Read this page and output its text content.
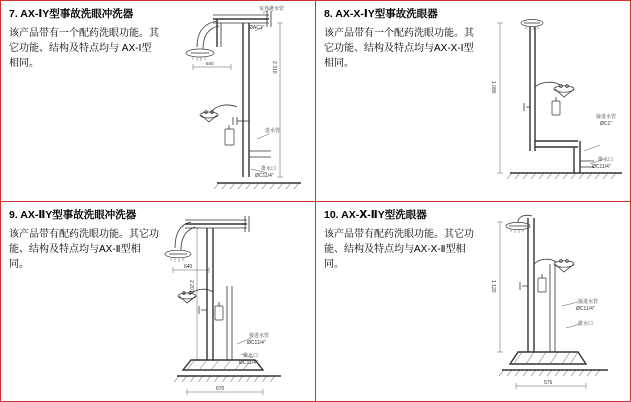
7. AX-ⅠY型事故洗眼冲洗器
该产品带有一个配药洗眼功能。其它功能、结构及特点均与 AX-Ⅰ型相同。	640
室外进水管
ØAC1"
2 310
进水管
排水口
ØC11/4"
8. AX-X-ⅠY型事故洗眼器
该产品带有一个配药洗眼功能。其它功能、结构及特点均与AX-X-Ⅰ型相同。
1 080
接进水管
ØC1"
排水口
ØC11/4"
9. AX-ⅡY型事故洗眼冲洗器
该产品带有配药洗眼功能。其它功能、结构及特点均与AX-Ⅱ型相同。	640
2 201
接进水管
ØC11/4"
排水口
ØC11/4"
670
10. AX-Ⅹ-ⅡY型洗眼器
该产品带有配药洗眼功能。其它功能、结构及特点均与AX-X-Ⅱ型相同。
1 120
接进水管
ØC11/4"
排水口
576
